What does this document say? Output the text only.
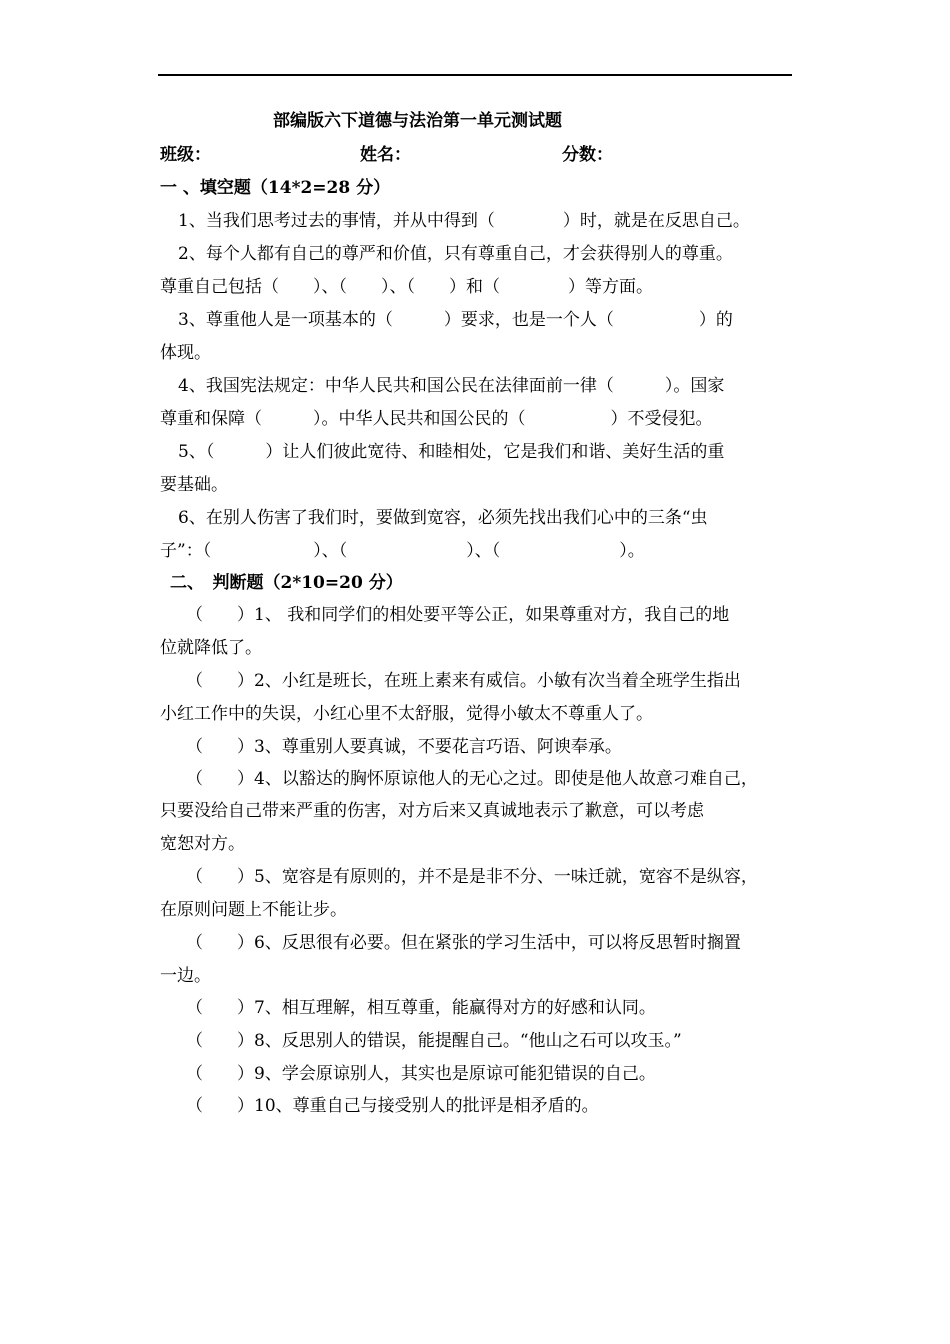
部编版六下道德与法治第一单元测试题
班级：	姓名：	分数：
一 、填空题（14*2=28 分）
1、当我们思考过去的事情，并从中得到（　　　　）时，就是在反思自己。
2、每个人都有自己的尊严和价值，只有尊重自己，才会获得别人的尊重。
尊重自己包括（　　）、（　　）、（　　）和（　　　　）等方面。
3、尊重他人是一项基本的（　　　）要求，也是一个人（　　　　　）的
体现。
4、我国宪法规定：中华人民共和国公民在法律面前一律（　　　）。国家
尊重和保障（　　　）。中华人民共和国公民的（　　　　　）不受侵犯。
5、（　　　）让人们彼此宽待、和睦相处，它是我们和谐、美好生活的重
要基础。
6、在别人伤害了我们时，要做到宽容，必须先找出我们心中的三条“虫
子”：（　　　　　　）、（　　　　　　　）、（　　　　　　　）。
二、　判断题（2*10=20 分）
（　　）1、 我和同学们的相处要平等公正，如果尊重对方，我自己的地
位就降低了。
（　　）2、小红是班长，在班上素来有威信。小敏有次当着全班学生指出
小红工作中的失误，小红心里不太舒服，觉得小敏太不尊重人了。
（　　）3、尊重别人要真诚，不要花言巧语、阿谀奉承。
（　　）4、以豁达的胸怀原谅他人的无心之过。即使是他人故意刁难自己，
只要没给自己带来严重的伤害，对方后来又真诚地表示了歉意，可以考虑
宽恕对方。
（　　）5、宽容是有原则的，并不是是非不分、一味迁就，宽容不是纵容，
在原则问题上不能让步。
（　　）6、反思很有必要。但在紧张的学习生活中，可以将反思暂时搁置
一边。
（　　）7、相互理解，相互尊重，能赢得对方的好感和认同。
（　　）8、反思别人的错误，能提醒自己。“他山之石可以攻玉。”
（　　）9、学会原谅别人，其实也是原谅可能犯错误的自己。
（　　）10、尊重自己与接受别人的批评是相矛盾的。
